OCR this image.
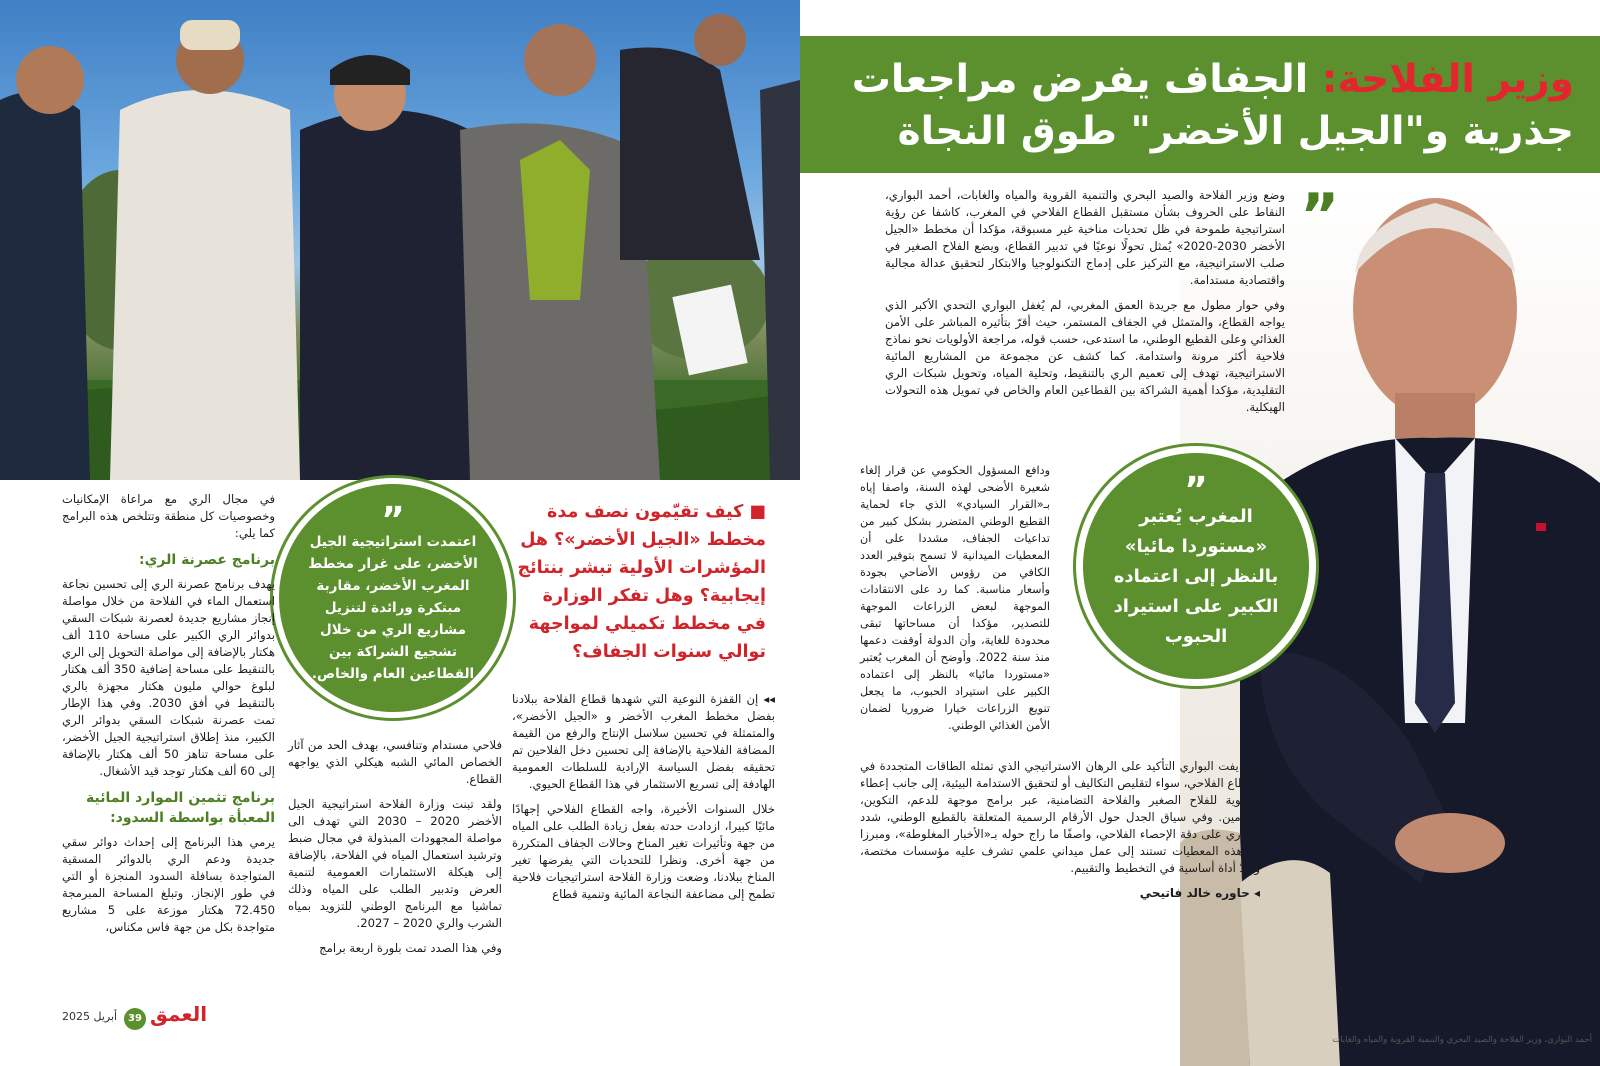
وزير الفلاحة: الجفاف يفرض مراجعات
جذرية و"الجيل الأخضر" طوق النجاة
أحمد البواري، وزير الفلاحة والصيد البحري والتنمية القروية والمياه والغابات
”

وضع وزير الفلاحة والصيد البحري والتنمية القروية والمياه والغابات، أحمد البواري، النقاط على الحروف بشأن مستقبل القطاع الفلاحي في المغرب، كاشفا عن رؤية استراتيجية طموحة في ظل تحديات مناخية غير مسبوقة، مؤكدا أن مخطط «الجيل الأخضر 2030-2020» يُمثل تحولًا نوعيًا في تدبير القطاع، ويضع الفلاح الصغير في صلب الاستراتيجية، مع التركيز على إدماج التكنولوجيا والابتكار لتحقيق عدالة مجالية واقتصادية مستدامة.

وفي حوار مطول مع جريدة العمق المغربي، لم يُغفل البواري التحدي الأكبر الذي يواجه القطاع، والمتمثل في الجفاف المستمر، حيث أقرّ بتأثيره المباشر على الأمن الغذائي وعلى القطيع الوطني، ما استدعى، حسب قوله، مراجعة الأولويات نحو نماذج فلاحية أكثر مرونة واستدامة. كما كشف عن مجموعة من المشاريع المائية الاستراتيجية، تهدف إلى تعميم الري بالتنقيط، وتحلية المياه، وتحويل شبكات الري التقليدية، مؤكدا أهمية الشراكة بين القطاعين العام والخاص في تمويل هذه التحولات الهيكلية.

ودافع المسؤول الحكومي عن قرار إلغاء شعيرة الأضحى لهذه السنة، واصفا إياه بـ«القرار السيادي» الذي جاء لحماية القطيع الوطني المتضرر بشكل كبير من تداعيات الجفاف، مشددا على أن المعطيات الميدانية لا تسمح بتوفير العدد الكافي من رؤوس الأضاحي بجودة وأسعار مناسبة. كما رد على الانتقادات الموجهة لبعض الزراعات الموجهة للتصدير، مؤكدا أن مساحاتها تبقى محدودة للغاية، وأن الدولة أوقفت دعمها منذ سنة 2022. وأوضح أن المغرب يُعتبر «مستوردا مائيا» بالنظر إلى اعتماده الكبير على استيراد الحبوب، ما يجعل تنويع الزراعات خيارا ضروريا لضمان الأمن الغذائي الوطني.

ولم يفت البواري التأكيد على الرهان الاستراتيجي الذي تمثله الطاقات المتجددة في القطاع الفلاحي، سواء لتقليص التكاليف أو لتحقيق الاستدامة البيئية، إلى جانب إعطاء الأولوية للفلاح الصغير والفلاحة التضامنية، عبر برامج موجهة للدعم، التكوين، والتأمين. وفي سياق الجدل حول الأرقام الرسمية المتعلقة بالقطيع الوطني، شدد البواري على دقة الإحصاء الفلاحي، واصفًا ما راج حوله بـ«الأخبار المغلوطة»، ومبرزا أن هذه المعطيات تستند إلى عمل ميداني علمي تشرف عليه مؤسسات مختصة، وتُعدّ أداة أساسية في التخطيط والتقييم.

◂ حاوره خالد فاتيحي
”
المغرب يُعتبر «مستوردا مائيا» بالنظر إلى اعتماده الكبير على استيراد الحبوب
■ كيف تقيّمون نصف مدة مخطط «الجيل الأخضر»؟ هل المؤشرات الأولية تبشر بنتائج إيجابية؟ وهل تفكر الوزارة في مخطط تكميلي لمواجهة توالي سنوات الجفاف؟

◂◂ إن القفزة النوعية التي شهدها قطاع الفلاحة ببلادنا بفضل مخطط المغرب الأخضر و «الجيل الأخضر»، والمتمثلة في تحسين سلاسل الإنتاج والرفع من القيمة المضافة الفلاحية بالإضافة إلى تحسين دخل الفلاحين تم تحقيقه بفضل السياسة الإرادية للسلطات العمومية الهادفة إلى تسريع الاستثمار في هذا القطاع الحيوي.

خلال السنوات الأخيرة، واجه القطاع الفلاحي إجهادًا مائيًا كبيرا، ازدادت حدته بفعل زيادة الطلب على المياه من جهة وتأثيرات تغير المناخ وحالات الجفاف المتكررة من جهة أخرى. ونظرا للتحديات التي يفرضها تغير المناخ ببلادنا، وضعت وزارة الفلاحة استراتيجيات فلاحية تطمح إلى مضاعفة النجاعة المائية وتنمية قطاع

”
اعتمدت استراتيجية الجيل الأخضر، على غرار مخطط المغرب الأخضر، مقاربة مبتكرة ورائدة لتنزيل مشاريع الري من خلال تشجيع الشراكة بين القطاعين العام والخاص.

فلاحي مستدام وتنافسي، بهدف الحد من آثار الخصاص المائي الشبه هيكلي الذي يواجهه القطاع.

ولقد تبنت وزارة الفلاحة استراتيجية الجيل الأخضر 2020 – 2030 التي تهدف الى مواصلة المجهودات المبذولة في مجال ضبط وترشيد استعمال المياه في الفلاحة، بالإضافة إلى هيكلة الاستثمارات العمومية لتنمية العرض وتدبير الطلب على المياه وذلك تماشيا مع البرنامج الوطني للتزويد بمياه الشرب والري 2020 – 2027.

وفي هذا الصدد تمت بلورة اربعة برامج

في مجال الري مع مراعاة الإمكانيات وخصوصيات كل منطقة وتتلخص هذه البرامج كما يلي:

برنامج عصرنة الري:

يهدف برنامج عصرنة الري إلى تحسين نجاعة استعمال الماء في الفلاحة من خلال مواصلة إنجاز مشاريع جديدة لعصرنة شبكات السقي بدوائر الري الكبير على مساحة 110 ألف هكتار بالإضافة إلى مواصلة التحويل إلى الري بالتنقيط على مساحة إضافية 350 ألف هكتار لبلوغ حوالي مليون هكتار مجهزة بالري بالتنقيط في أفق 2030. وفي هذا الإطار تمت عصرنة شبكات السقي بدوائر الري الكبير، منذ إطلاق استراتيجية الجيل الأخضر، على مساحة تناهز 50 ألف هكتار بالإضافة إلى 60 ألف هكتار توجد قيد الأشغال.

برنامج تثمين الموارد المائية المعبأة بواسطة السدود:

يرمي هذا البرنامج إلى إحداث دوائر سقي جديدة ودعم الري بالدوائر المسقية المتواجدة بسافلة السدود المنجزة أو التي في طور الإنجاز. وتبلغ المساحة المبرمجة 72.450 هكتار موزعة على 5 مشاريع متواجدة بكل من جهة فاس مكناس،

أبريل 2025	39 العمق
